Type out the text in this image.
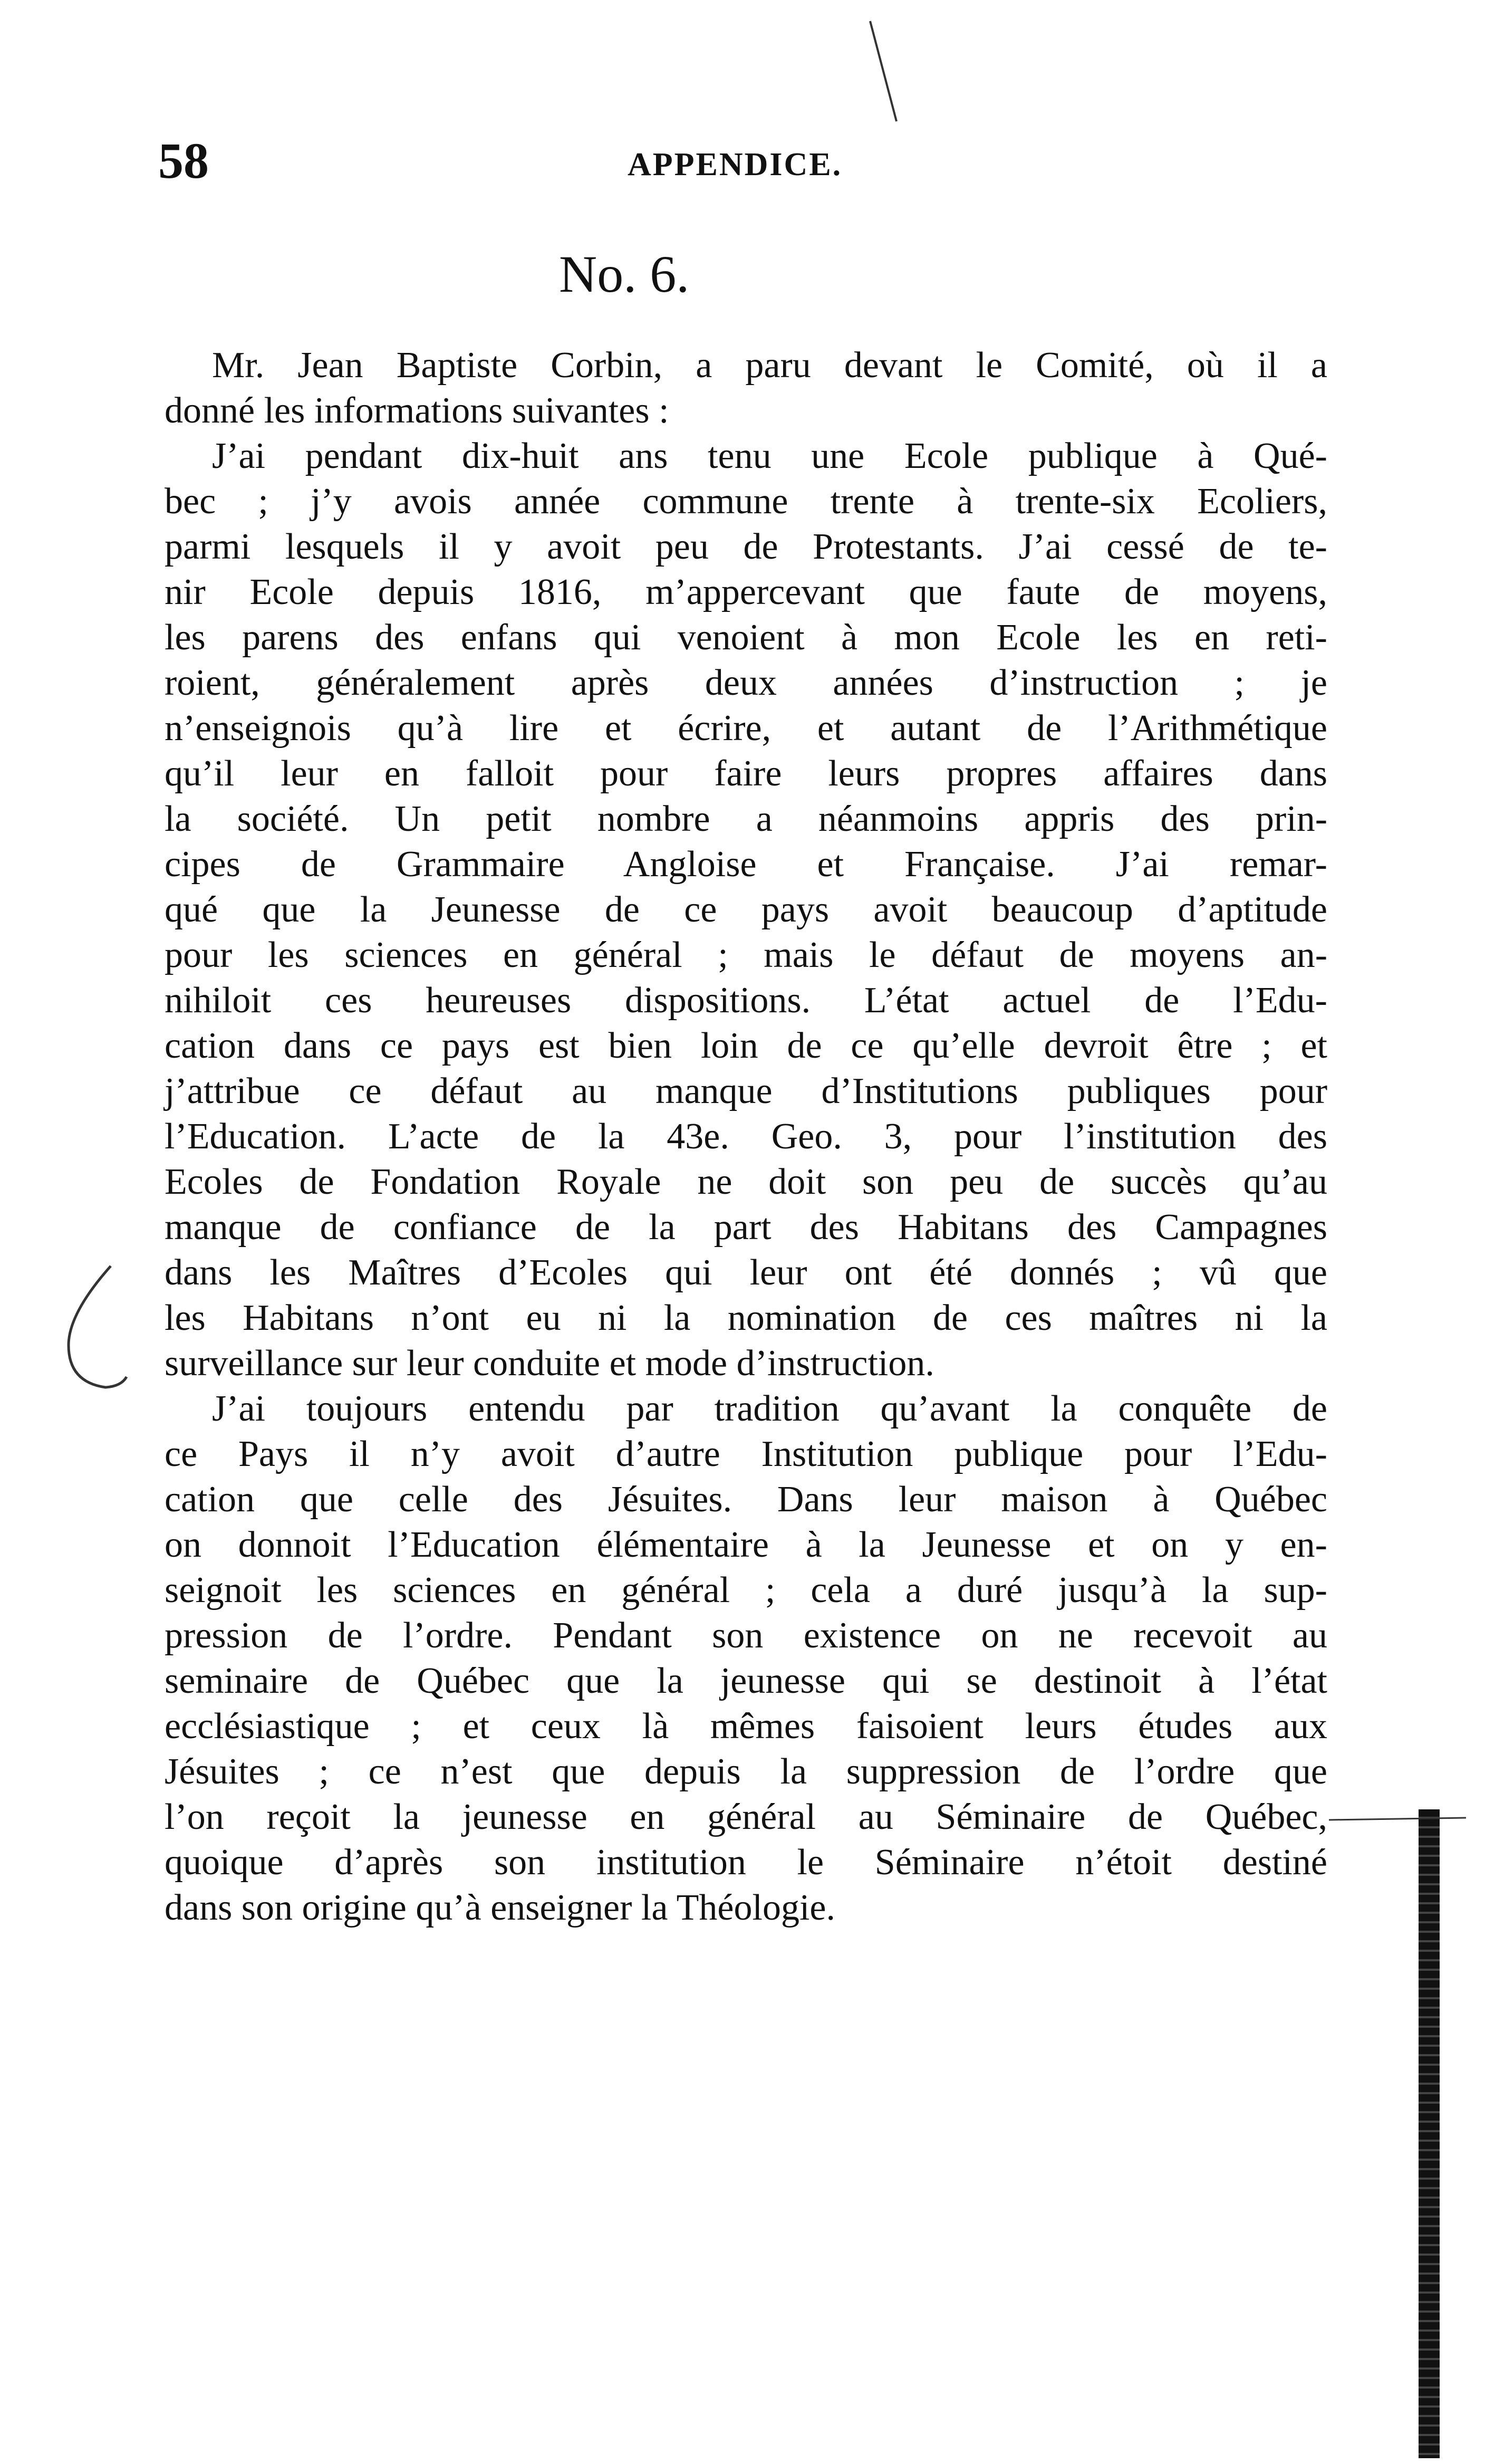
58	APPENDICE.
No. 6.

Mr. Jean Baptiste Corbin, a paru devant le Comité, où il a
donné les informations suivantes :

J’ai pendant dix-huit ans tenu une Ecole publique à Qué-
bec ; j’y avois année commune trente à trente-six Ecoliers,
parmi lesquels il y avoit peu de Protestants. J’ai cessé de te-
nir Ecole depuis 1816, m’appercevant que faute de moyens,
les parens des enfans qui venoient à mon Ecole les en reti-
roient, généralement après deux années d’instruction ; je
n’enseignois qu’à lire et écrire, et autant de l’Arithmétique
qu’il leur en falloit pour faire leurs propres affaires dans
la société. Un petit nombre a néanmoins appris des prin-
cipes de Grammaire Angloise et Française. J’ai remar-
qué que la Jeunesse de ce pays avoit beaucoup d’aptitude
pour les sciences en général ; mais le défaut de moyens an-
nihiloit ces heureuses dispositions. L’état actuel de l’Edu-
cation dans ce pays est bien loin de ce qu’elle devroit être ; et
j’attribue ce défaut au manque d’Institutions publiques pour
l’Education. L’acte de la 43e. Geo. 3, pour l’institution des
Ecoles de Fondation Royale ne doit son peu de succès qu’au
manque de confiance de la part des Habitans des Campagnes
dans les Maîtres d’Ecoles qui leur ont été donnés ; vû que
les Habitans n’ont eu ni la nomination de ces maîtres ni la
surveillance sur leur conduite et mode d’instruction.

J’ai toujours entendu par tradition qu’avant la conquête de
ce Pays il n’y avoit d’autre Institution publique pour l’Edu-
cation que celle des Jésuites. Dans leur maison à Québec
on donnoit l’Education élémentaire à la Jeunesse et on y en-
seignoit les sciences en général ; cela a duré jusqu’à la sup-
pression de l’ordre. Pendant son existence on ne recevoit au
seminaire de Québec que la jeunesse qui se destinoit à l’état
ecclésiastique ; et ceux là mêmes faisoient leurs études aux
Jésuites ; ce n’est que depuis la suppression de l’ordre que
l’on reçoit la jeunesse en général au Séminaire de Québec,
quoique d’après son institution le Séminaire n’étoit destiné
dans son origine qu’à enseigner la Théologie.
